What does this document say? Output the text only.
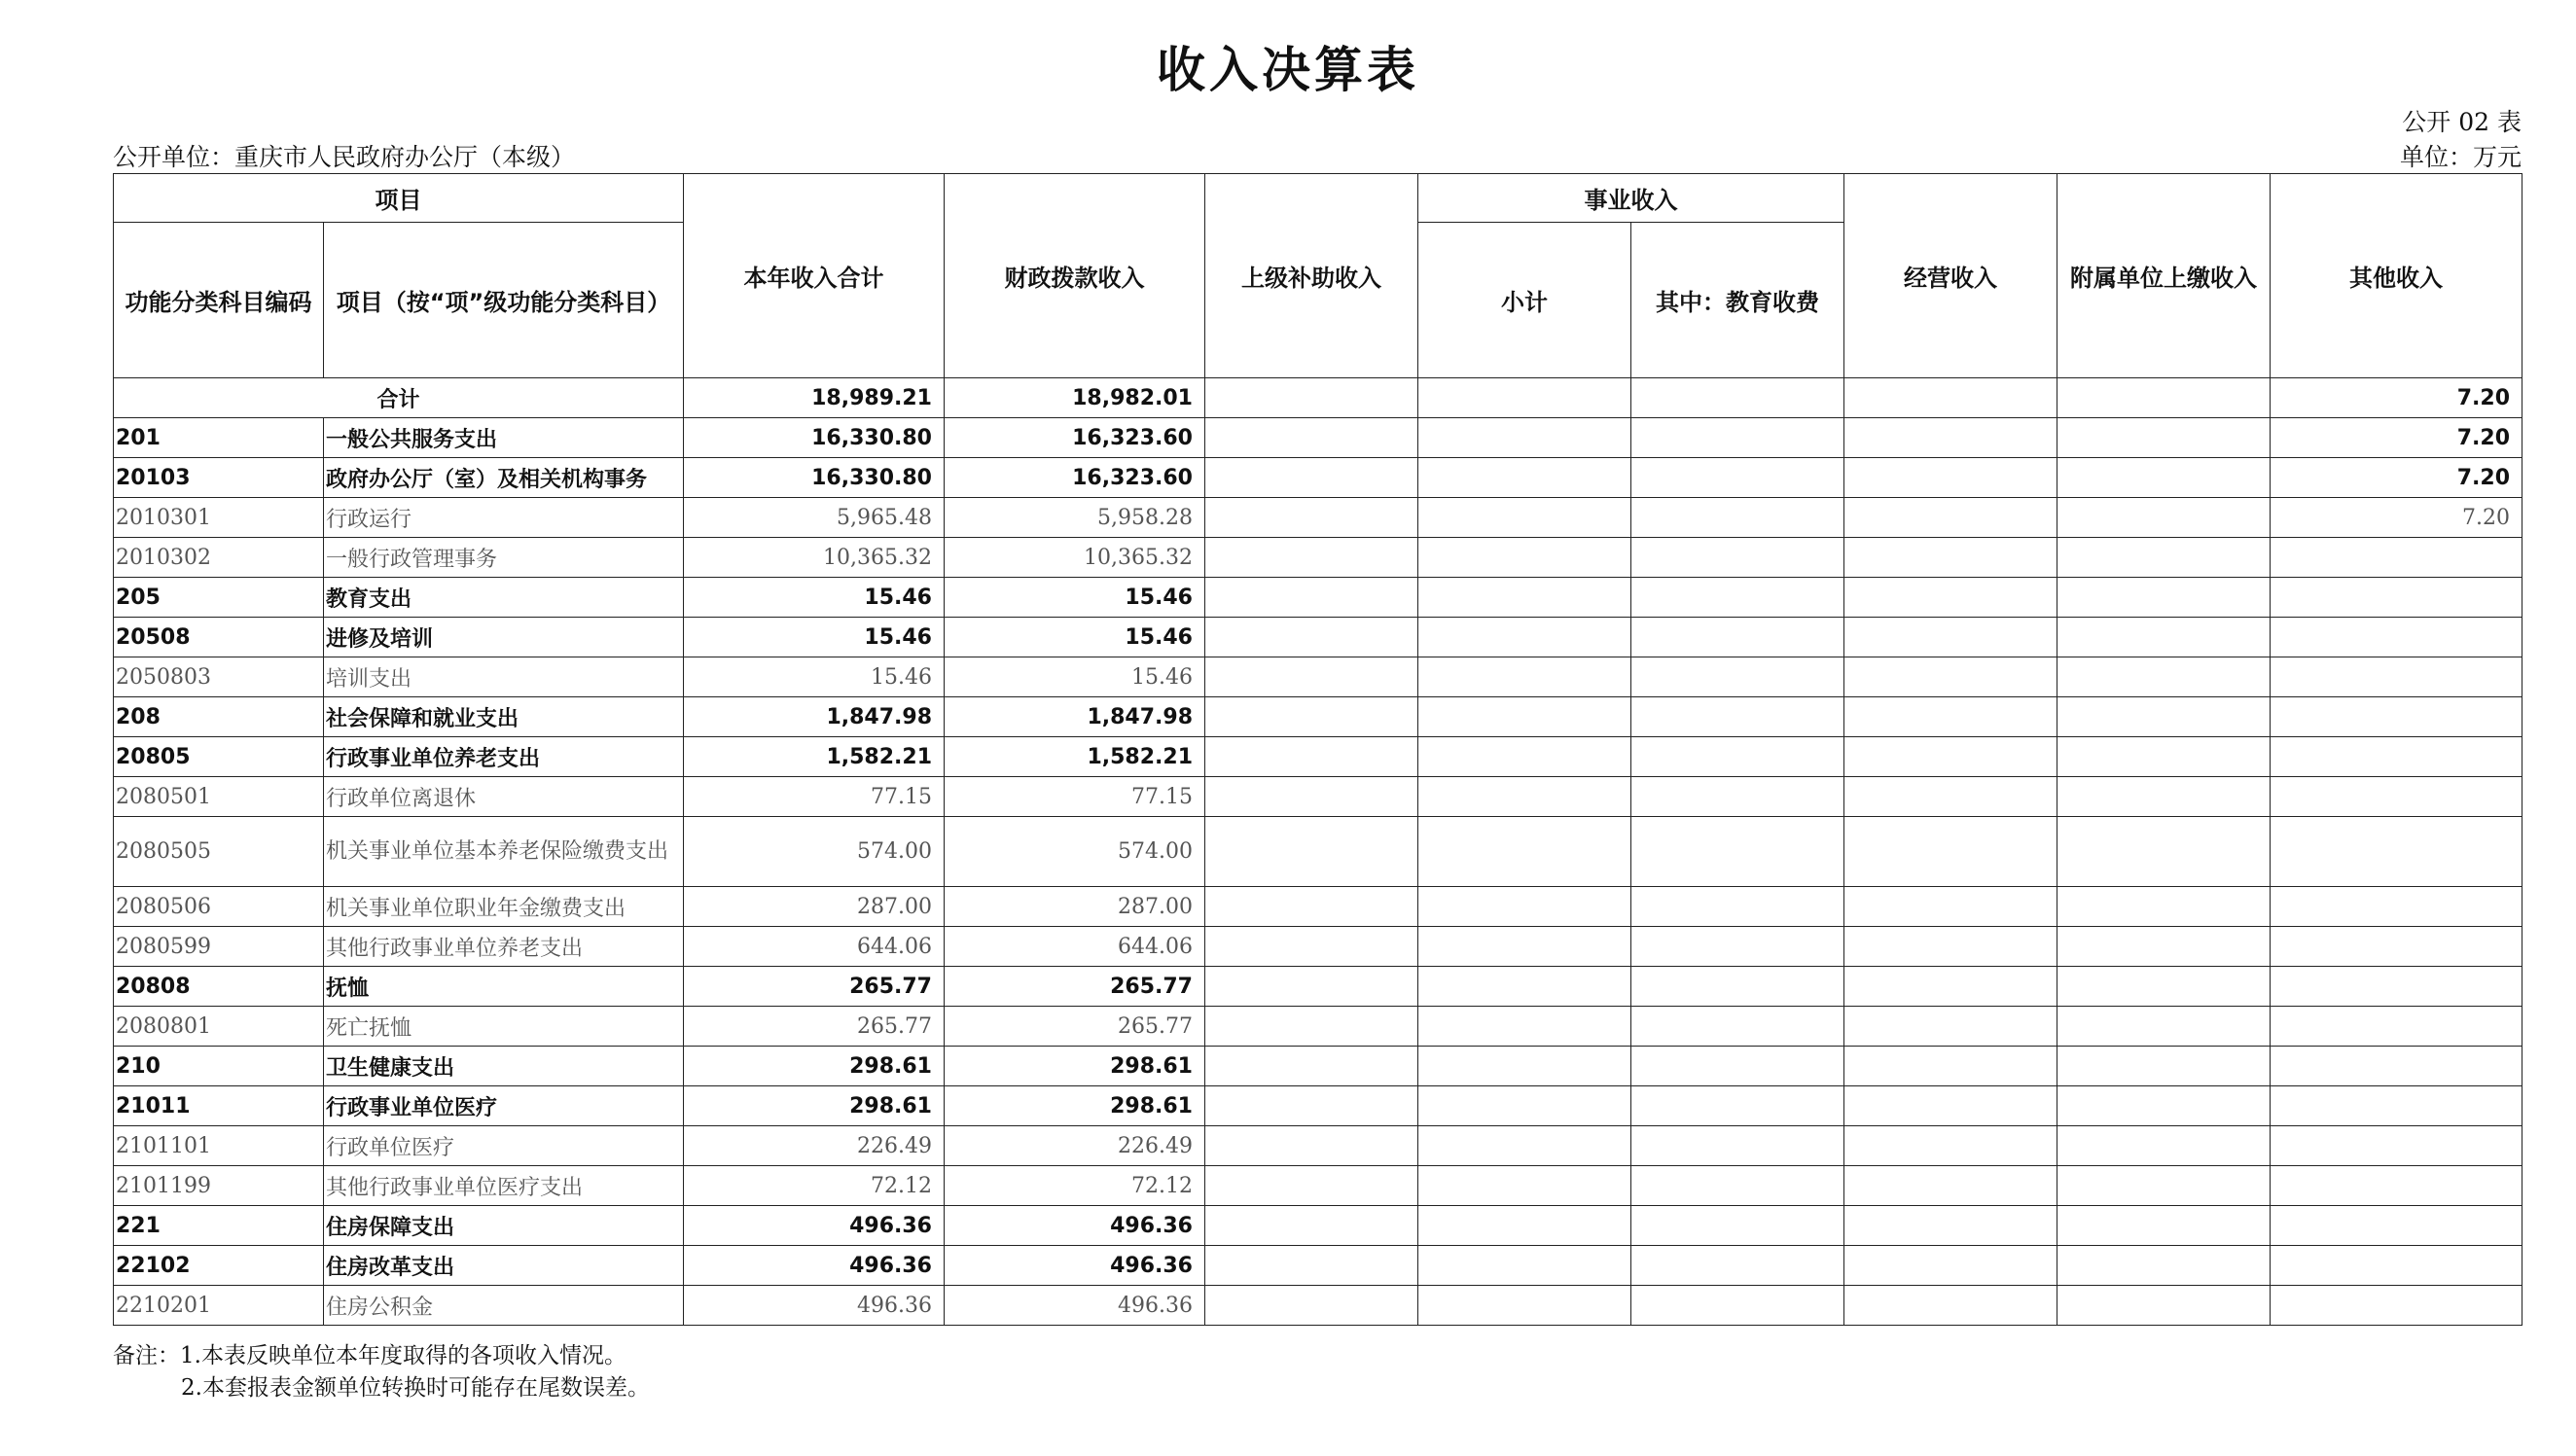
收入决算表
公开 02 表
公开单位：重庆市人民政府办公厅（本级）	单位：万元
项目		本年收入合计	财政拨款收入	上级补助收入	事业收入		经营收入	附属单位上缴收入	其他收入
功能分类科目编码	项目（按“项”级功能分类科目）				小计	其中：教育收费			
合计		18,989.21	18,982.01						7.20
201	一般公共服务支出	16,330.80	16,323.60						7.20
20103	政府办公厅（室）及相关机构事务	16,330.80	16,323.60						7.20
2010301	行政运行	5,965.48	5,958.28						7.20
2010302	一般行政管理事务	10,365.32	10,365.32						
205	教育支出	15.46	15.46						
20508	进修及培训	15.46	15.46						
2050803	培训支出	15.46	15.46						
208	社会保障和就业支出	1,847.98	1,847.98						
20805	行政事业单位养老支出	1,582.21	1,582.21						
2080501	行政单位离退休	77.15	77.15						
2080505	机关事业单位基本养老保险缴费支出	574.00	574.00						
2080506	机关事业单位职业年金缴费支出	287.00	287.00						
2080599	其他行政事业单位养老支出	644.06	644.06						
20808	抚恤	265.77	265.77						
2080801	死亡抚恤	265.77	265.77						
210	卫生健康支出	298.61	298.61						
21011	行政事业单位医疗	298.61	298.61						
2101101	行政单位医疗	226.49	226.49						
2101199	其他行政事业单位医疗支出	72.12	72.12						
221	住房保障支出	496.36	496.36						
22102	住房改革支出	496.36	496.36						
2210201	住房公积金	496.36	496.36						
备注：1.本表反映单位本年度取得的各项收入情况。
2.本套报表金额单位转换时可能存在尾数误差。
